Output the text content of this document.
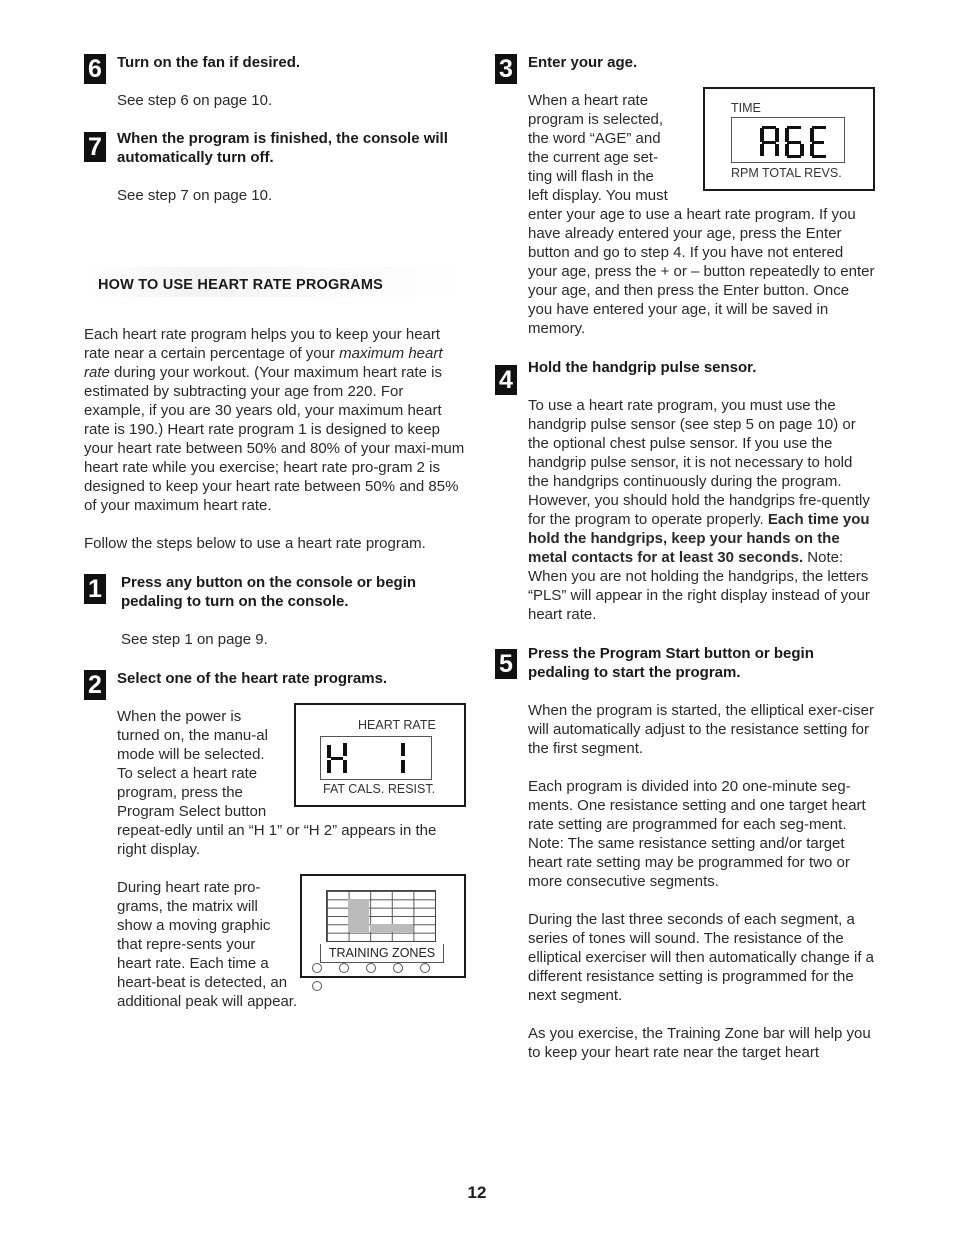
6 Turn on the fan if desired.

See step 6 on page 10.

7 When the program is finished, the console will automatically turn off.

See step 7 on page 10.

HOW TO USE HEART RATE PROGRAMS
Each heart rate program helps you to keep your heart rate near a certain percentage of your maximum heart rate during your workout. (Your maximum heart rate is estimated by subtracting your age from 220. For example, if you are 30 years old, your maximum heart rate is 190.) Heart rate program 1 is designed to keep your heart rate between 50% and 80% of your maxi-mum heart rate while you exercise; heart rate pro-gram 2 is designed to keep your heart rate between 50% and 85% of your maximum heart rate.

Follow the steps below to use a heart rate program.

1 Press any button on the console or begin pedaling to turn on the console.

See step 1 on page 9.

2 Select one of the heart rate programs.

HEART RATE
FAT CALS. RESIST.

When the power is turned on, the manu-al mode will be selected. To select a heart rate program, press the Program Select button repeat-edly until an “H 1” or “H 2” appears in the right display.

TRAINING ZONES

During heart rate pro-grams, the matrix will show a moving graphic that repre-sents your heart rate. Each time a heart-beat is detected, an additional peak will appear.

3 Enter your age.

TIME
RPM TOTAL REVS.

When a heart rate program is selected, the word “AGE” and the current age set-ting will flash in the left display. You must enter your age to use a heart rate program. If you have already entered your age, press the Enter button and go to step 4. If you have not entered your age, press the + or – button repeatedly to enter your age, and then press the Enter button. Once you have entered your age, it will be saved in memory.

4 Hold the handgrip pulse sensor.

To use a heart rate program, you must use the handgrip pulse sensor (see step 5 on page 10) or the optional chest pulse sensor. If you use the handgrip pulse sensor, it is not necessary to hold the handgrips continuously during the program. However, you should hold the handgrips fre-quently for the program to operate properly. Each time you hold the handgrips, keep your hands on the metal contacts for at least 30 seconds. Note: When you are not holding the handgrips, the letters “PLS” will appear in the right display instead of your heart rate.
5 Press the Program Start button or begin pedaling to start the program.

When the program is started, the elliptical exer-ciser will automatically adjust to the resistance setting for the first segment.

Each program is divided into 20 one-minute seg-ments. One resistance setting and one target heart rate setting are programmed for each seg-ment. Note: The same resistance setting and/or target heart rate setting may be programmed for two or more consecutive segments.

During the last three seconds of each segment, a series of tones will sound. The resistance of the elliptical exerciser will then automatically change if a different resistance setting is programmed for the next segment.

As you exercise, the Training Zone bar will help you to keep your heart rate near the target heart

12
